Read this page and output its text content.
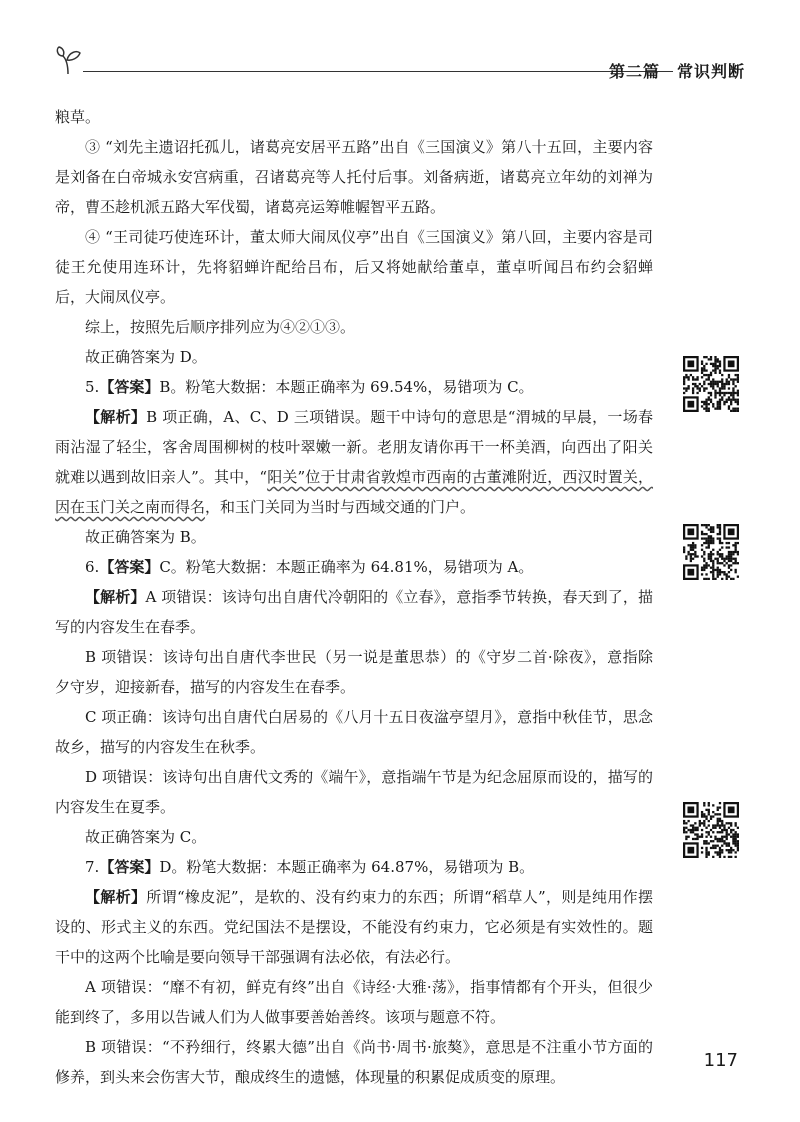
第二篇　常识判断

粮草。

③ “刘先主遗诏托孤儿，诸葛亮安居平五路”出自《三国演义》第八十五回，主要内容是刘备在白帝城永安宫病重，召诸葛亮等人托付后事。刘备病逝，诸葛亮立年幼的刘禅为帝，曹丕趁机派五路大军伐蜀，诸葛亮运筹帷幄智平五路。

④ “王司徒巧使连环计，董太师大闹凤仪亭”出自《三国演义》第八回，主要内容是司徒王允使用连环计，先将貂蝉许配给吕布，后又将她献给董卓，董卓听闻吕布约会貂蝉后，大闹凤仪亭。

综上，按照先后顺序排列应为④②①③。

故正确答案为 D。

5.【答案】B。粉笔大数据：本题正确率为 69.54%，易错项为 C。

【解析】B 项正确，A、C、D 三项错误。题干中诗句的意思是“渭城的早晨，一场春雨沾湿了轻尘，客舍周围柳树的枝叶翠嫩一新。老朋友请你再干一杯美酒，向西出了阳关就难以遇到故旧亲人”。其中，“阳关”位于甘肃省敦煌市西南的古董滩附近，西汉时置关，因在玉门关之南而得名，和玉门关同为当时与西域交通的门户。

故正确答案为 B。

6.【答案】C。粉笔大数据：本题正确率为 64.81%，易错项为 A。

【解析】A 项错误：该诗句出自唐代冷朝阳的《立春》，意指季节转换，春天到了，描写的内容发生在春季。

B 项错误：该诗句出自唐代李世民（另一说是董思恭）的《守岁二首·除夜》，意指除夕守岁，迎接新春，描写的内容发生在春季。

C 项正确：该诗句出自唐代白居易的《八月十五日夜湓亭望月》，意指中秋佳节，思念故乡，描写的内容发生在秋季。

D 项错误：该诗句出自唐代文秀的《端午》，意指端午节是为纪念屈原而设的，描写的内容发生在夏季。

故正确答案为 C。

7.【答案】D。粉笔大数据：本题正确率为 64.87%，易错项为 B。

【解析】所谓“橡皮泥”，是软的、没有约束力的东西；所谓“稻草人”，则是纯用作摆设的、形式主义的东西。党纪国法不是摆设，不能没有约束力，它必须是有实效性的。题干中的这两个比喻是要向领导干部强调有法必依，有法必行。

A 项错误：“靡不有初，鲜克有终”出自《诗经·大雅·荡》，指事情都有个开头，但很少能到终了，多用以告诫人们为人做事要善始善终。该项与题意不符。

B 项错误：“不矜细行，终累大德”出自《尚书·周书·旅獒》，意思是不注重小节方面的修养，到头来会伤害大节，酿成终生的遗憾，体现量的积累促成质变的原理。

117
